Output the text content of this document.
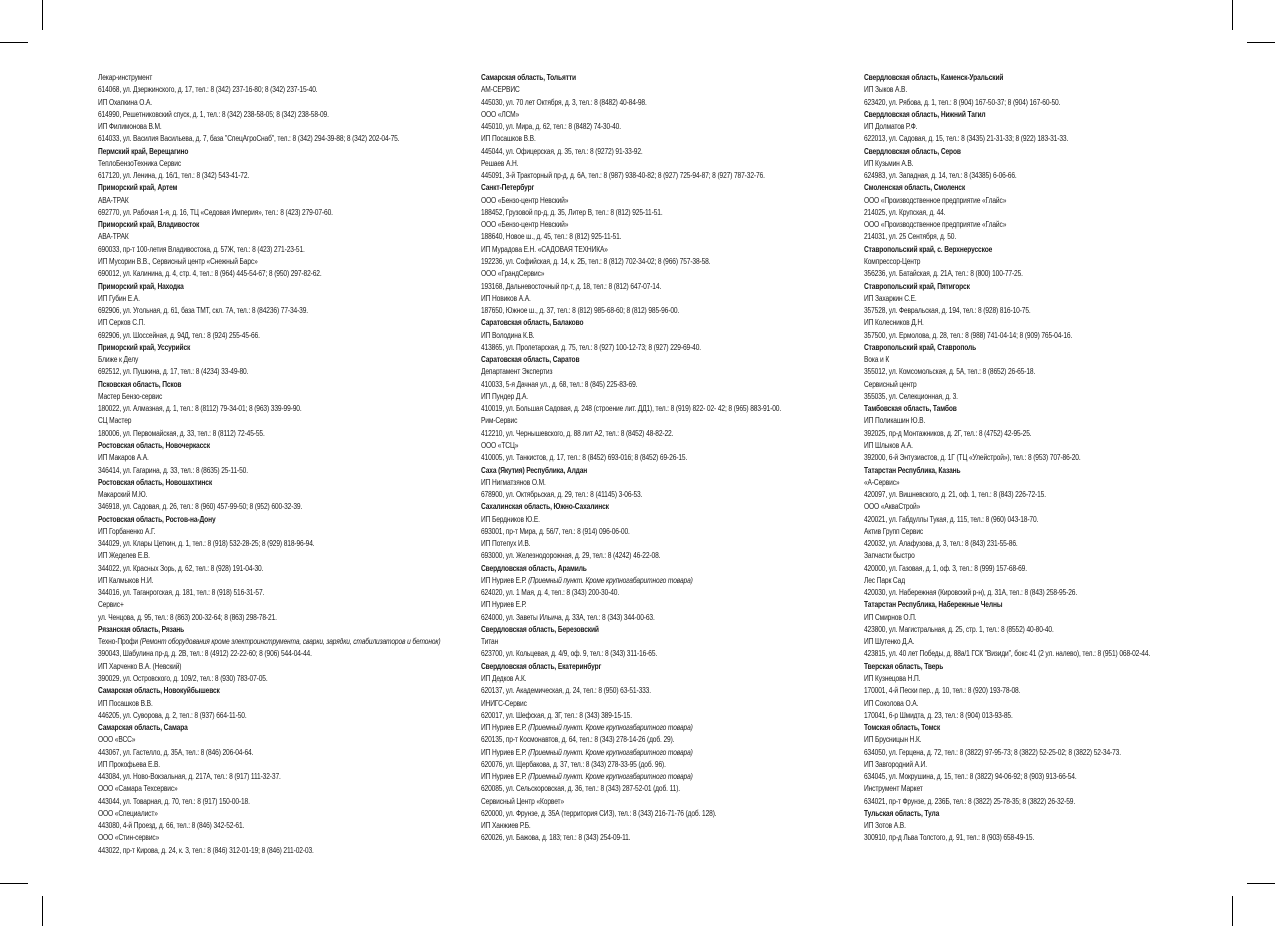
Лекар-инструмент
614068, ул. Дзержинского, д. 17, тел.: 8 (342) 237-16-80; 8 (342) 237-15-40.
ИП Охапкина О.А.
614990, Решетниковский спуск, д. 1, тел.: 8 (342) 238-58-05; 8 (342) 238-58-09.
ИП Филимонова В.М.
614033, ул. Василия Васильева, д. 7, база "СпецАгроСнаб", тел.: 8 (342) 294-39-88; 8 (342) 202-04-75.
Пермский край, Верещагино
ТеплоБензоТехника Сервис
617120, ул. Ленина, д. 16/1, тел.: 8 (342) 543-41-72.
Приморский край, Артем
АВА-ТРАК
692770, ул. Рабочая 1-я, д. 16, ТЦ «Седовая Империя», тел.: 8 (423) 279-07-60.
Приморский край, Владивосток
АВА-ТРАК
690033, пр-т 100-летия Владивостока, д. 57Ж, тел.: 8 (423) 271-23-51.
ИП Мусорин В.В., Сервисный центр «Снежный Барс»
690012, ул. Калинина, д. 4, стр. 4, тел.: 8 (964) 445-54-67; 8 (950) 297-82-62.
Приморский край, Находка
ИП Губин Е.А.
692906, ул. Угольная, д. 61, база ТМТ, скл. 7А, тел.: 8 (84236) 77-34-39.
ИП Серков С.П.
692906, ул. Шоссейная, д. 94Д, тел.: 8 (924) 255-45-66.
Приморский край, Уссурийск
Ближе к Делу
692512, ул. Пушкина, д. 17, тел.: 8 (4234) 33-49-80.
Псковская область, Псков
Мастер Бензо-сервис
180022, ул. Алмазная, д. 1, тел.: 8 (8112) 79-34-01; 8 (963) 339-99-90.
СЦ Мастер
180006, ул. Первомайская, д. 33, тел.: 8 (8112) 72-45-55.
Ростовская область, Новочеркасск
ИП Макаров А.А.
346414, ул. Гагарина, д. 33, тел.: 8 (8635) 25-11-50.
Ростовская область, Новошахтинск
Макарский М.Ю.
346918, ул. Садовая, д. 26, тел.: 8 (960) 457-99-50; 8 (952) 600-32-39.
Ростовская область, Ростов-на-Дону
ИП Горбаненко А.Г.
344029, ул. Клары Цеткин, д. 1, тел.: 8 (918) 532-28-25; 8 (929) 818-96-94.
ИП Жеделев Е.В.
344022, ул. Красных Зорь, д. 62, тел.: 8 (928) 191-04-30.
ИП Калмыков Н.И.
344016, ул. Таганрогская, д. 181, тел.: 8 (918) 516-31-57.
Сервис+
ул. Ченцова, д. 95, тел.: 8 (863) 200-32-64; 8 (863) 298-78-21.
Рязанская область, Рязань
Техно-Профи (Ремонт оборудования кроме электроинструмента, сварки, зарядки, стабилизаторов и бетонок)
390043, Шабулина пр-д, д. 2В, тел.: 8 (4912) 22-22-60; 8 (906) 544-04-44.
ИП Харченко В.А. (Невский)
390029, ул. Островского, д. 109/2, тел.: 8 (930) 783-07-05.
Самарская область, Новокуйбышевск
ИП Посашков В.В.
446205, ул. Суворова, д. 2, тел.: 8 (937) 664-11-50.
Самарская область, Самара
ООО «ВСС»
443067, ул. Гастелло, д. 35А, тел.: 8 (846) 206-04-64.
ИП Прокофьева Е.В.
443084, ул. Ново-Вокзальная, д. 217А, тел.: 8 (917) 111-32-37.
ООО «Самара Техсервис»
443044, ул. Товарная, д. 70, тел.: 8 (917) 150-00-18.
ООО «Специалист»
443080, 4-й Проезд, д. 66, тел.: 8 (846) 342-52-61.
ООО «Стин-сервис»
443022, пр-т Кирова, д. 24, к. 3, тел.: 8 (846) 312-01-19; 8 (846) 211-02-03.
Самарская область, Тольятти
АМ-СЕРВИС
445030, ул. 70 лет Октября, д. 3, тел.: 8 (8482) 40-84-98.
ООО «ЛСМ»
445010, ул. Мира, д. 62, тел.: 8 (8482) 74-30-40.
ИП Посашков В.В.
445044, ул. Офицерская, д. 35, тел.: 8 (9272) 91-33-92.
Решаев А.Н.
445091, 3-й Тракторный пр-д, д. 6А, тел.: 8 (987) 938-40-82; 8 (927) 725-94-87; 8 (927) 787-32-76.
Санкт-Петербург
ООО «Бензо-центр Невский»
188452, Грузовой пр-д, д. 35, Литер В, тел.: 8 (812) 925-11-51.
ООО «Бензо-центр Невский»
188640, Новое ш., д. 45, тел.: 8 (812) 925-11-51.
ИП Мурадова Е.Н. «САДОВАЯ ТЕХНИКА»
192236, ул. Софийская, д. 14, к. 2Б, тел.: 8 (812) 702-34-02; 8 (966) 757-38-58.
ООО «ГрандСервис»
193168, Дальневосточный пр-т, д. 18, тел.: 8 (812) 647-07-14.
ИП Новиков А.А.
187650, Южное ш., д. 37, тел.: 8 (812) 985-68-60; 8 (812) 985-96-00.
Саратовская область, Балаково
ИП Володина К.В.
413865, ул. Пролетарская, д. 75, тел.: 8 (927) 100-12-73; 8 (927) 229-69-40.
Саратовская область, Саратов
Департамент Экспертиз
410033, 5-я Дачная ул., д. 68, тел.: 8 (845) 225-83-69.
ИП Пундер Д.А.
410019, ул. Большая Садовая, д. 248 (строение лит. ДД1), тел.: 8 (919) 822- 02- 42; 8 (965) 883-91-00.
Рим-Сервис
412210, ул. Чернышевского, д. 88 лит А2, тел.: 8 (8452) 48-82-22.
ООО «ТСЦ»
410005, ул. Танкистов, д. 17, тел.: 8 (8452) 693-016; 8 (8452) 69-26-15.
Саха (Якутия) Республика, Алдан
ИП Нигматзянов О.М.
678900, ул. Октябрьская, д. 29, тел.: 8 (41145) 3-06-53.
Сахалинская область, Южно-Сахалинск
ИП Бердников Ю.Е.
693001, пр-т Мира, д. 56/7, тел.: 8 (914) 096-06-00.
ИП Потепух И.В.
693000, ул. Железнодорожная, д. 29, тел.: 8 (4242) 46-22-08.
Свердловская область, Арамиль
ИП Нуриев Е.Р. (Приемный пункт. Кроме крупногабаритного товара)
624020, ул. 1 Мая, д. 4, тел.: 8 (343) 200-30-40.
ИП Нуриев Е.Р.
624000, ул. Заветы Ильича, д. 33А, тел.: 8 (343) 344-00-63.
Свердловская область, Березовский
Титан
623700, ул. Кольцевая, д. 4/9, оф. 9, тел.: 8 (343) 311-16-65.
Свердловская область, Екатеринбург
ИП Дедков А.К.
620137, ул. Академическая, д. 24, тел.: 8 (950) 63-51-333.
ИНИГС-Сервис
620017, ул. Шефская, д. 3Г, тел.: 8 (343) 389-15-15.
ИП Нуриев Е.Р. (Приемный пункт. Кроме крупногабаритного товара)
620135, пр-т Космонавтов, д. 64, тел.: 8 (343) 278-14-26 (доб. 29).
ИП Нуриев Е.Р. (Приемный пункт. Кроме крупногабаритного товара)
620076, ул. Щербакова, д. 37, тел.: 8 (343) 278-33-95 (доб. 96).
ИП Нуриев Е.Р. (Приемный пункт. Кроме крупногабаритного товара)
620085, ул. Сельскоровская, д. 36, тел.: 8 (343) 287-52-01 (доб. 11).
Сервисный Центр «Корвет»
620000, ул. Фрунзе, д. 35А (территория СИЗ), тел.: 8 (343) 216-71-76 (доб. 128).
ИП Ханжиев Р.Б.
620026, ул. Бажова, д. 183; тел.: 8 (343) 254-09-11.
Свердловская область, Каменск-Уральский
ИП Зыков А.В.
623420, ул. Рябова, д. 1, тел.: 8 (904) 167-50-37; 8 (904) 167-60-50.
Свердловская область, Нижний Тагил
ИП Долматов Р.Ф.
622013, ул. Садовая, д. 15, тел.: 8 (3435) 21-31-33; 8 (922) 183-31-33.
Свердловская область, Серов
ИП Кузьмин А.В.
624983, ул. Западная, д. 14, тел.: 8 (34385) 6-06-66.
Смоленская область, Смоленск
ООО «Производственное предприятие «Глайс»
214025, ул. Крупская, д. 44.
ООО «Производственное предприятие «Глайс»
214031, ул. 25 Сентября, д. 50.
Ставропольский край, с. Верхнерусское
Компрессор-Центр
356236, ул. Батайская, д. 21А, тел.: 8 (800) 100-77-25.
Ставропольский край, Пятигорск
ИП Захаркин С.Е.
357528, ул. Февральская, д. 194, тел.: 8 (928) 816-10-75.
ИП Колесников Д.Н.
357500, ул. Ермолова, д. 28, тел.: 8 (988) 741-04-14; 8 (909) 765-04-16.
Ставропольский край, Ставрополь
Вока и К
355012, ул. Комсомольская, д. 5А, тел.: 8 (8652) 26-65-18.
Сервисный центр
355035, ул. Селекционная, д. 3.
Тамбовская область, Тамбов
ИП Поликашин Ю.В.
392025, пр-д Монтажников, д. 2Г, тел.: 8 (4752) 42-95-25.
ИП Шлыков А.А.
392000, 6-й Энтузиастов, д. 1Г (ТЦ «Улейстрой»), тел.: 8 (953) 707-86-20.
Татарстан Республика, Казань
«А-Сервис»
420097, ул. Вишневского, д. 21, оф. 1, тел.: 8 (843) 226-72-15.
ООО «АкваСтрой»
420021, ул. Габдуллы Тукая, д. 115, тел.: 8 (960) 043-18-70.
Актив Групп Сервис
420032, ул. Алафузова, д. 3, тел.: 8 (843) 231-55-86.
Запчасти быстро
420000, ул. Газовая, д. 1, оф. 3, тел.: 8 (999) 157-68-69.
Лес Парк Сад
420030, ул. Набережная (Кировский р-н), д. 31А, тел.: 8 (843) 258-95-26.
Татарстан Республика, Набережные Челны
ИП Смирнов О.П.
423800, ул. Магистральная, д. 25, стр. 1, тел.: 8 (8552) 40-80-40.
ИП Шутенко Д.А.
423815, ул. 40 лет Победы, д. 88а/1 ГСК "Визиди", бокс 41 (2 ул. налево), тел.: 8 (951) 068-02-44.
Тверская область, Тверь
ИП Кузнецова Н.П.
170001, 4-й Пески пер., д. 10, тел.: 8 (920) 193-78-08.
ИП Соколова О.А.
170041, 6-р Шмидта, д. 23, тел.: 8 (904) 013-93-85.
Томская область, Томск
ИП Брусницын Н.К.
634050, ул. Герцена, д. 72, тел.: 8 (3822) 97-95-73; 8 (3822) 52-25-02; 8 (3822) 52-34-73.
ИП Завгородний А.И.
634045, ул. Мокрушина, д. 15, тел.: 8 (3822) 94-06-92; 8 (903) 913-66-54.
Инструмент Маркет
634021, пр-т Фрунзе, д. 236Б, тел.: 8 (3822) 25-78-35; 8 (3822) 26-32-59.
Тульская область, Тула
ИП Зотов А.В.
300910, пр-д Льва Толстого, д. 91, тел.: 8 (903) 658-49-15.
